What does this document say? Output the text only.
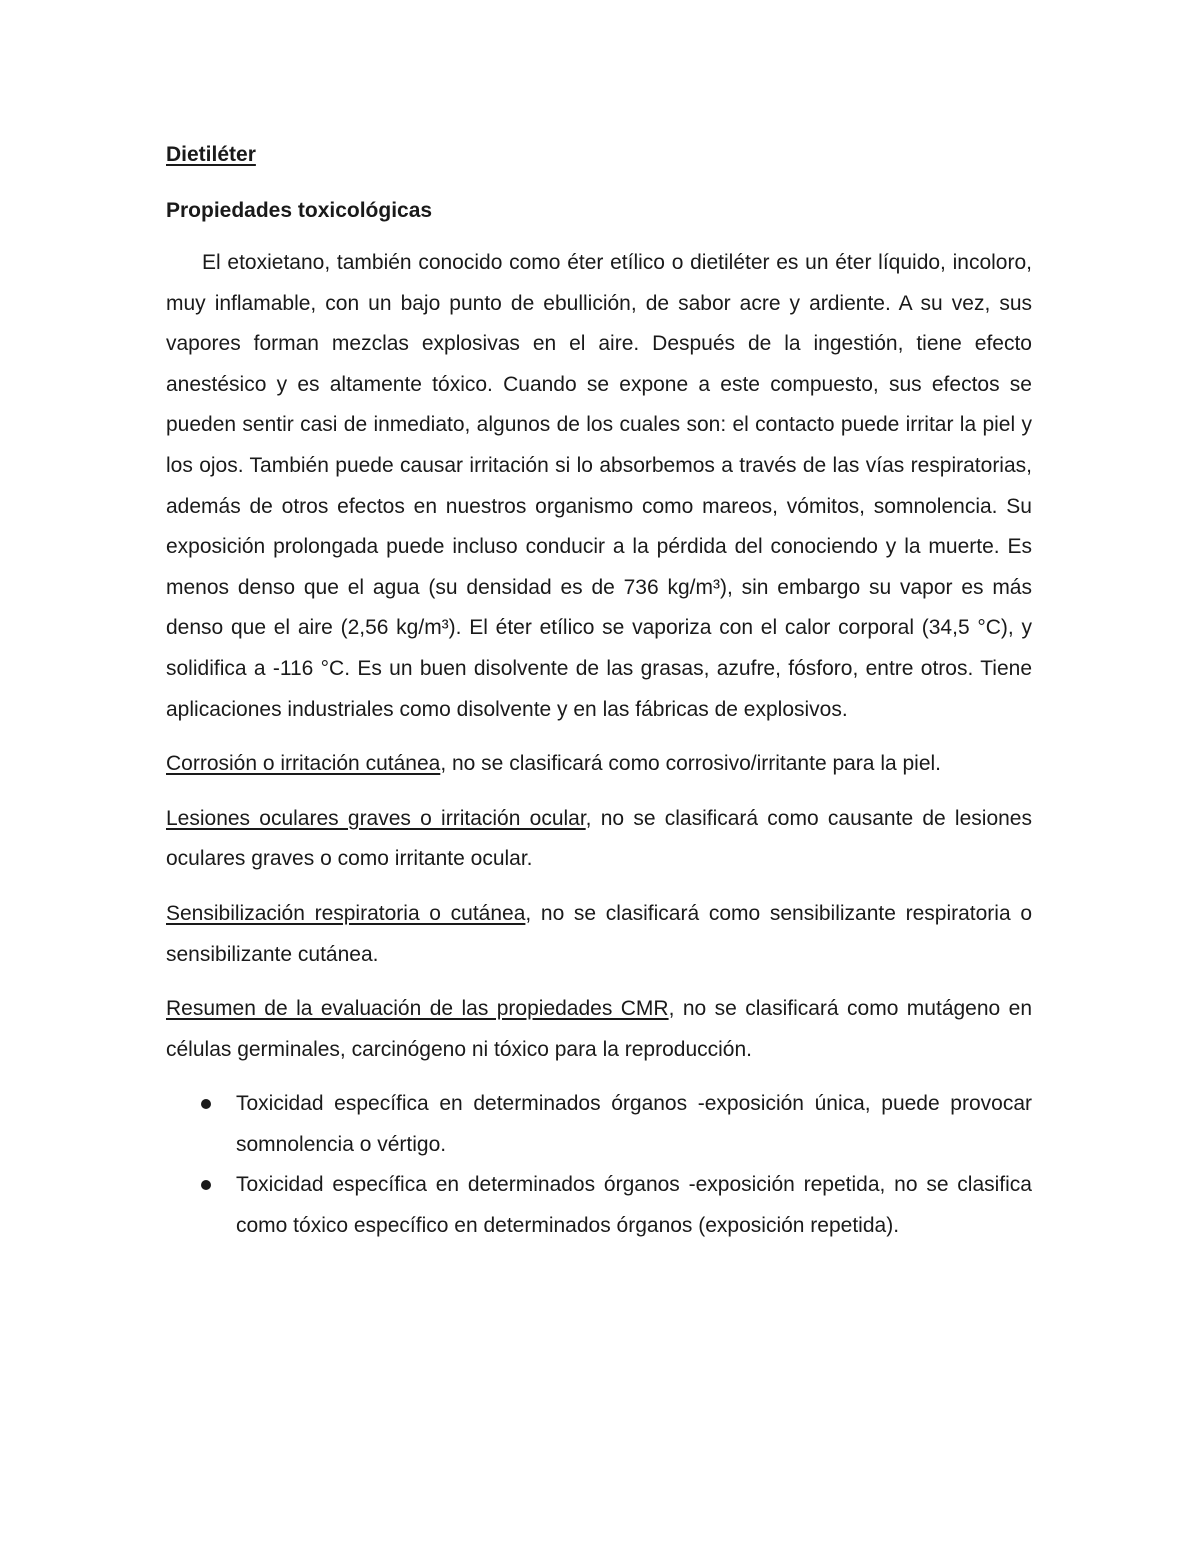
Dietiléter
Propiedades toxicológicas

El etoxietano, también conocido como éter etílico o dietiléter es un éter líquido, incoloro, muy inflamable, con un bajo punto de ebullición, de sabor acre y ardiente. A su vez, sus vapores forman mezclas explosivas en el aire. Después de la ingestión, tiene efecto anestésico y es altamente tóxico. Cuando se expone a este compuesto, sus efectos se pueden sentir casi de inmediato, algunos de los cuales son: el contacto puede irritar la piel y los ojos. También puede causar irritación si lo absorbemos a través de las vías respiratorias, además de otros efectos en nuestros organismo como mareos, vómitos, somnolencia. Su exposición prolongada puede incluso conducir a la pérdida del conociendo y la muerte. Es menos denso que el agua (su densidad es de 736 kg/m³), sin embargo su vapor es más denso que el aire (2,56 kg/m³). El éter etílico se vaporiza con el calor corporal (34,5 °C), y solidifica a -116 °C. Es un buen disolvente de las grasas, azufre, fósforo, entre otros. Tiene aplicaciones industriales como disolvente y en las fábricas de explosivos.

Corrosión o irritación cutánea, no se clasificará como corrosivo/irritante para la piel.

Lesiones oculares graves o irritación ocular, no se clasificará como causante de lesiones oculares graves o como irritante ocular.

Sensibilización respiratoria o cutánea, no se clasificará como sensibilizante respiratoria o sensibilizante cutánea.

Resumen de la evaluación de las propiedades CMR, no se clasificará como mutágeno en células germinales, carcinógeno ni tóxico para la reproducción.

Toxicidad específica en determinados órganos -exposición única, puede provocar somnolencia o vértigo.
Toxicidad específica en determinados órganos -exposición repetida, no se clasifica como tóxico específico en determinados órganos (exposición repetida).
